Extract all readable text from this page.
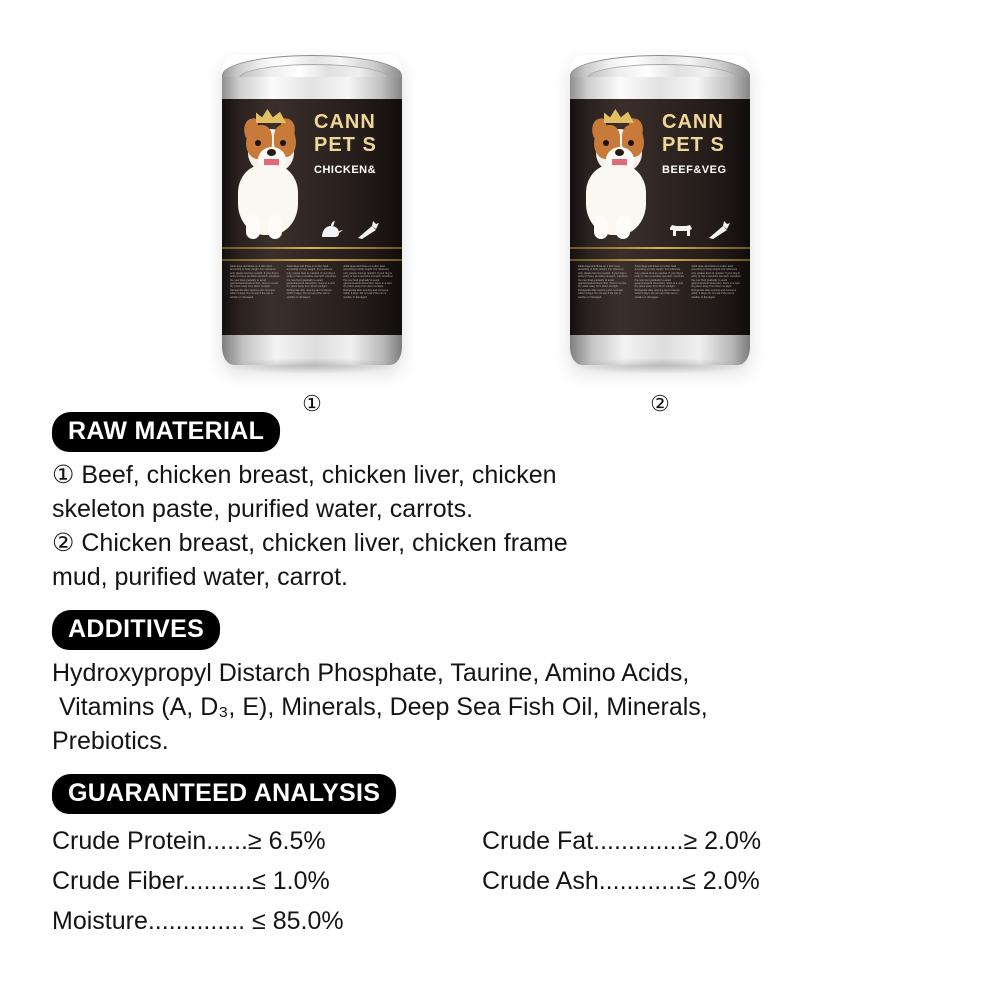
CANN
PET S
CHICKEN&
Adult dogs and those on a diet: feed according to body weight. For reference only, please feed as needed. If your dog is picky or has a sensitive stomach, introduce the new food gradually to avoid gastrointestinal discomfort. Store in a cool dry place away from direct sunlight. Refrigerate after opening and consume within 3 days. Do not use if the can is swollen or damaged.
Adult dogs and those on a diet: feed according to body weight. For reference only, please feed as needed. If your dog is picky or has a sensitive stomach, introduce the new food gradually to avoid gastrointestinal discomfort. Store in a cool dry place away from direct sunlight. Refrigerate after opening and consume within 3 days. Do not use if the can is swollen or damaged.
Adult dogs and those on a diet: feed according to body weight. For reference only, please feed as needed. If your dog is picky or has a sensitive stomach, introduce the new food gradually to avoid gastrointestinal discomfort. Store in a cool dry place away from direct sunlight. Refrigerate after opening and consume within 3 days. Do not use if the can is swollen or damaged.
①
CANN
PET S
BEEF&VEG
Adult dogs and those on a diet: feed according to body weight. For reference only, please feed as needed. If your dog is picky or has a sensitive stomach, introduce the new food gradually to avoid gastrointestinal discomfort. Store in a cool dry place away from direct sunlight. Refrigerate after opening and consume within 3 days. Do not use if the can is swollen or damaged.
Adult dogs and those on a diet: feed according to body weight. For reference only, please feed as needed. If your dog is picky or has a sensitive stomach, introduce the new food gradually to avoid gastrointestinal discomfort. Store in a cool dry place away from direct sunlight. Refrigerate after opening and consume within 3 days. Do not use if the can is swollen or damaged.
Adult dogs and those on a diet: feed according to body weight. For reference only, please feed as needed. If your dog is picky or has a sensitive stomach, introduce the new food gradually to avoid gastrointestinal discomfort. Store in a cool dry place away from direct sunlight. Refrigerate after opening and consume within 3 days. Do not use if the can is swollen or damaged.
②
RAW MATERIAL
① Beef, chicken breast, chicken liver, chicken
skeleton paste, purified water, carrots.
② Chicken breast, chicken liver, chicken frame
mud, purified water, carrot.
ADDITIVES
Hydroxypropyl Distarch Phosphate, Taurine, Amino Acids,
Vitamins (A, D₃, E), Minerals, Deep Sea Fish Oil, Minerals,
Prebiotics.
GUARANTEED ANALYSIS
Crude Protein......≥ 6.5%	Crude Fat.............≥ 2.0%
Crude Fiber..........≤ 1.0%	Crude Ash............≤ 2.0%
Moisture.............. ≤ 85.0%
